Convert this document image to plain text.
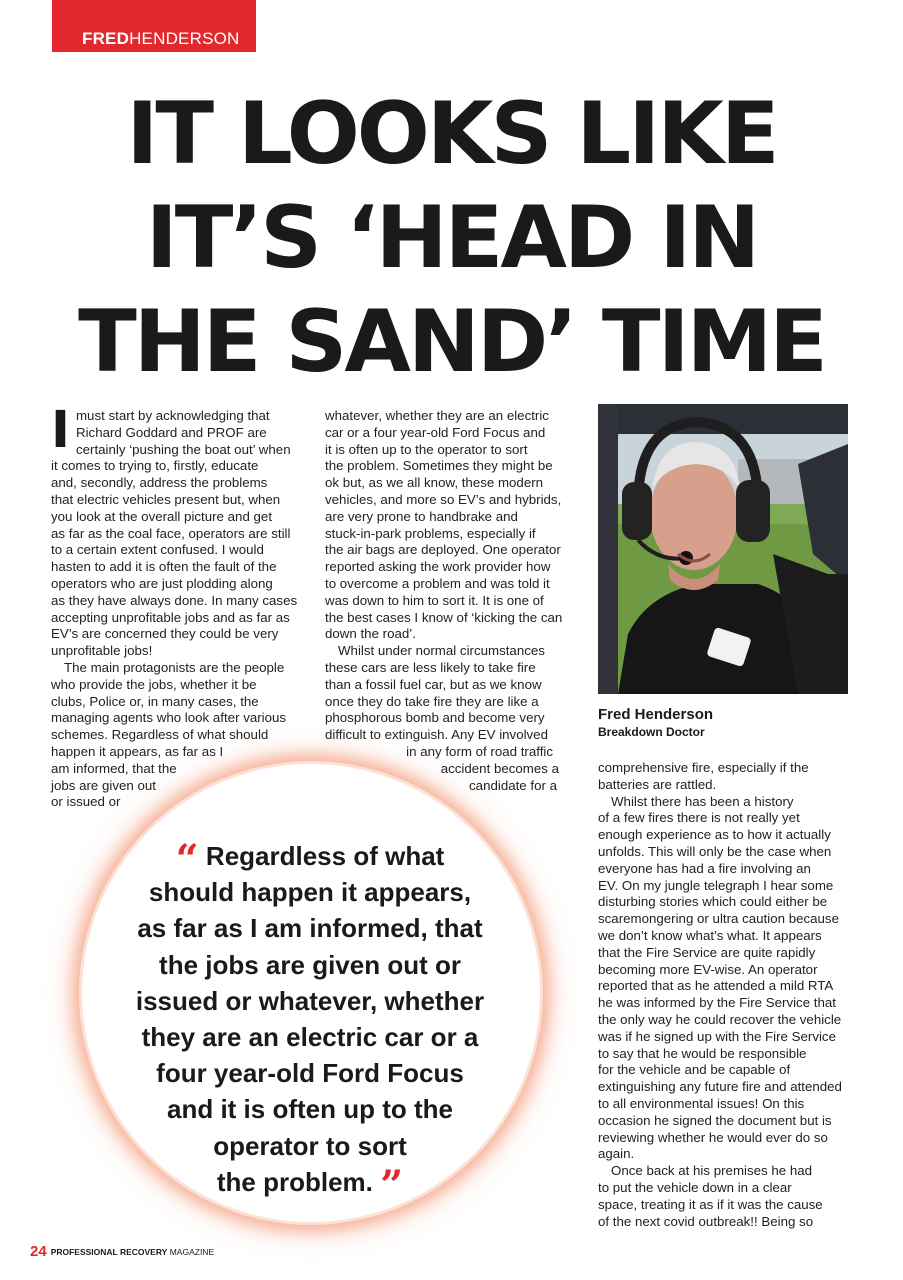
FREDHENDERSON
IT LOOKS LIKE
IT’S ‘HEAD IN
THE SAND’ TIME
I must start by acknowledging that

Richard Goddard and PROF are

certainly ‘pushing the boat out’ when

it comes to trying to, firstly, educate

and, secondly, address the problems

that electric vehicles present but, when

you look at the overall picture and get

as far as the coal face, operators are still

to a certain extent confused. I would

hasten to add it is often the fault of the

operators who are just plodding along

as they have always done. In many cases

accepting unprofitable jobs and as far as

EV’s are concerned they could be very

unprofitable jobs!

The main protagonists are the people

who provide the jobs, whether it be

clubs, Police or, in many cases, the

managing agents who look after various

schemes. Regardless of what should

happen it appears, as far as I

am informed, that the

jobs are given out

or issued or

whatever, whether they are an electric

car or a four year-old Ford Focus and

it is often up to the operator to sort

the problem. Sometimes they might be

ok but, as we all know, these modern

vehicles, and more so EV’s and hybrids,

are very prone to handbrake and

stuck-in-park problems, especially if

the air bags are deployed. One operator

reported asking the work provider how

to overcome a problem and was told it

was down to him to sort it. It is one of

the best cases I know of ‘kicking the can

down the road’.

Whilst under normal circumstances

these cars are less likely to take fire

than a fossil fuel car, but as we know

once they do take fire they are like a

phosphorous bomb and become very

difficult to extinguish. Any EV involved

in any form of road traffic

accident becomes a

candidate for a

Fred Henderson

Breakdown Doctor

comprehensive fire, especially if the

batteries are rattled.

Whilst there has been a history

of a few fires there is not really yet

enough experience as to how it actually

unfolds. This will only be the case when

everyone has had a fire involving an

EV. On my jungle telegraph I hear some

disturbing stories which could either be

scaremongering or ultra caution because

we don’t know what’s what. It appears

that the Fire Service are quite rapidly

becoming more EV-wise. An operator

reported that as he attended a mild RTA

he was informed by the Fire Service that

the only way he could recover the vehicle

was if he signed up with the Fire Service

to say that he would be responsible

for the vehicle and be capable of

extinguishing any future fire and attended

to all environmental issues! On this

occasion he signed the document but is

reviewing whether he would ever do so

again.

Once back at his premises he had

to put the vehicle down in a clear

space, treating it as if it was the cause

of the next covid outbreak!! Being so

“ Regardless of what
should happen it appears,
as far as I am informed, that
the jobs are given out or
issued or whatever, whether
they are an electric car or a
four year-old Ford Focus
and it is often up to the
operator to sort
the problem. ”
24 PROFESSIONAL RECOVERY MAGAZINE
